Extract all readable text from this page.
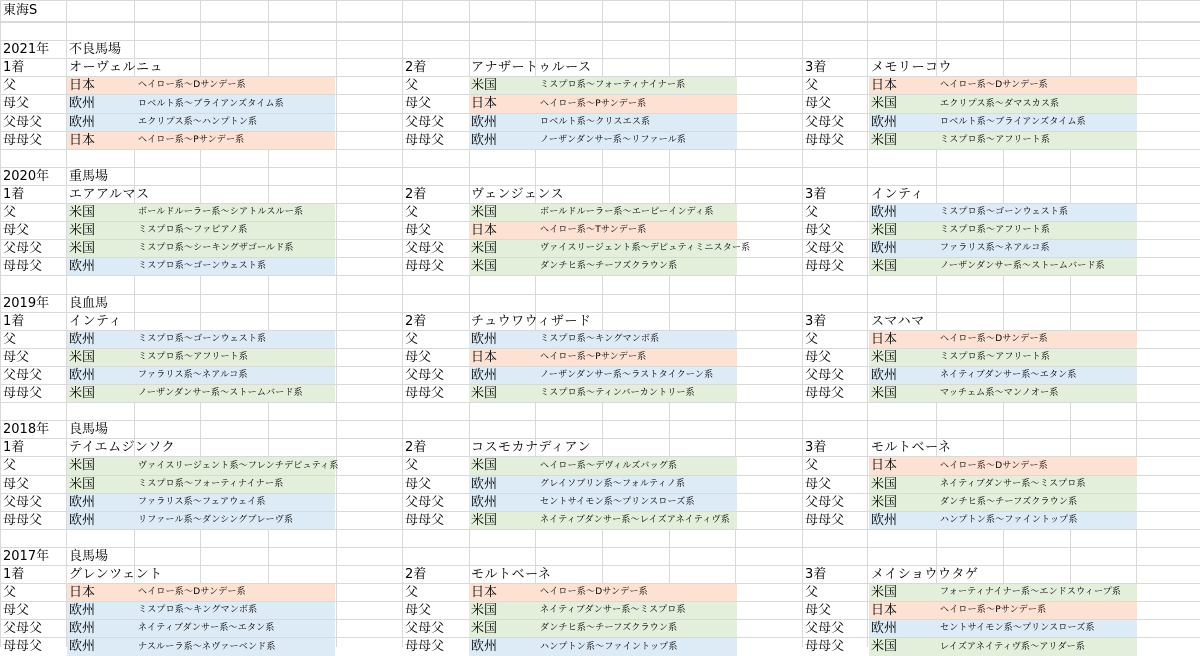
東海S
2021年	不良馬場
1着	オーヴェルニュ
父	日本	ヘイロー系～Dサンデー系
母父	欧州	ロベルト系～ブライアンズタイム系
父母父	欧州	エクリプス系～ハンプトン系
母母父	日本	ヘイロー系～Pサンデー系
2着	アナザートゥルース
父	米国	ミスプロ系～フォーティナイナー系
母父	日本	ヘイロー系～Pサンデー系
父母父	欧州	ロベルト系～クリスエス系
母母父	欧州	ノーザンダンサー系～リファール系
3着	メモリーコウ
父	日本	ヘイロー系～Dサンデー系
母父	米国	エクリプス系～ダマスカス系
父母父	欧州	ロベルト系～ブライアンズタイム系
母母父	米国	ミスプロ系～アフリート系
2020年	重馬場
1着	エアアルマス
父	米国	ボールドルーラー系～シアトルスルー系
母父	米国	ミスプロ系～ファピアノ系
父母父	米国	ミスプロ系～シーキングザゴールド系
母母父	欧州	ミスプロ系～ゴーンウェスト系
2着	ヴェンジェンス
父	米国	ボールドルーラー系～エーピーインディ系
母父	日本	ヘイロー系～Tサンデー系
父母父	米国	ヴァイスリージェント系～デピュティミニスター系
母母父	米国	ダンチヒ系～チーフズクラウン系
3着	インティ
父	欧州	ミスプロ系～ゴーンウェスト系
母父	米国	ミスプロ系～アフリート系
父母父	欧州	ファラリス系～ネアルコ系
母母父	米国	ノーザンダンサー系～ストームバード系
2019年	良血馬
1着	インティ
父	欧州	ミスプロ系～ゴーンウェスト系
母父	米国	ミスプロ系～アフリート系
父母父	欧州	ファラリス系～ネアルコ系
母母父	米国	ノーザンダンサー系～ストームバード系
2着	チュウワウィザード
父	欧州	ミスプロ系～キングマンボ系
母父	日本	ヘイロー系～Pサンデー系
父母父	欧州	ノーザンダンサー系～ラストタイクーン系
母母父	米国	ミスプロ系～ティンバーカントリー系
3着	スマハマ
父	日本	ヘイロー系～Dサンデー系
母父	米国	ミスプロ系～アフリート系
父母父	欧州	ネイティブダンサー系～エタン系
母母父	米国	マッチェム系～マンノオー系
2018年	良馬場
1着	テイエムジンソク
父	米国	ヴァイスリージェント系～フレンチデピュティ系
母父	米国	ミスプロ系～フォーティナイナー系
父母父	欧州	ファラリス系～フェアウェイ系
母母父	欧州	リファール系～ダンシングブレーヴ系
2着	コスモカナディアン
父	米国	ヘイロー系～デヴィルズバッグ系
母父	欧州	グレイソブリン系～フォルティノ系
父母父	欧州	セントサイモン系～プリンスローズ系
母母父	米国	ネイティブダンサー系～レイズアネイティヴ系
3着	モルトベーネ
父	日本	ヘイロー系～Dサンデー系
母父	米国	ネイティブダンサー系～ミスプロ系
父母父	米国	ダンチヒ系～チーフズクラウン系
母母父	欧州	ハンプトン系～ファイントップ系
2017年	良馬場
1着	グレンツェント
父	日本	ヘイロー系～Dサンデー系
母父	欧州	ミスプロ系～キングマンボ系
父母父	欧州	ネイティブダンサー系～エタン系
母母父	欧州	ナスルーラ系～ネヴァーベンド系
2着	モルトベーネ
父	日本	ヘイロー系～Dサンデー系
母父	米国	ネイティブダンサー系～ミスプロ系
父母父	米国	ダンチヒ系～チーフズクラウン系
母母父	欧州	ハンプトン系～ファイントップ系
3着	メイショウウタゲ
父	米国	フォーティナイナー系～エンドスウィープ系
母父	日本	ヘイロー系～Pサンデー系
父母父	欧州	セントサイモン系～プリンスローズ系
母母父	米国	レイズアネイティヴ系～アリダー系
